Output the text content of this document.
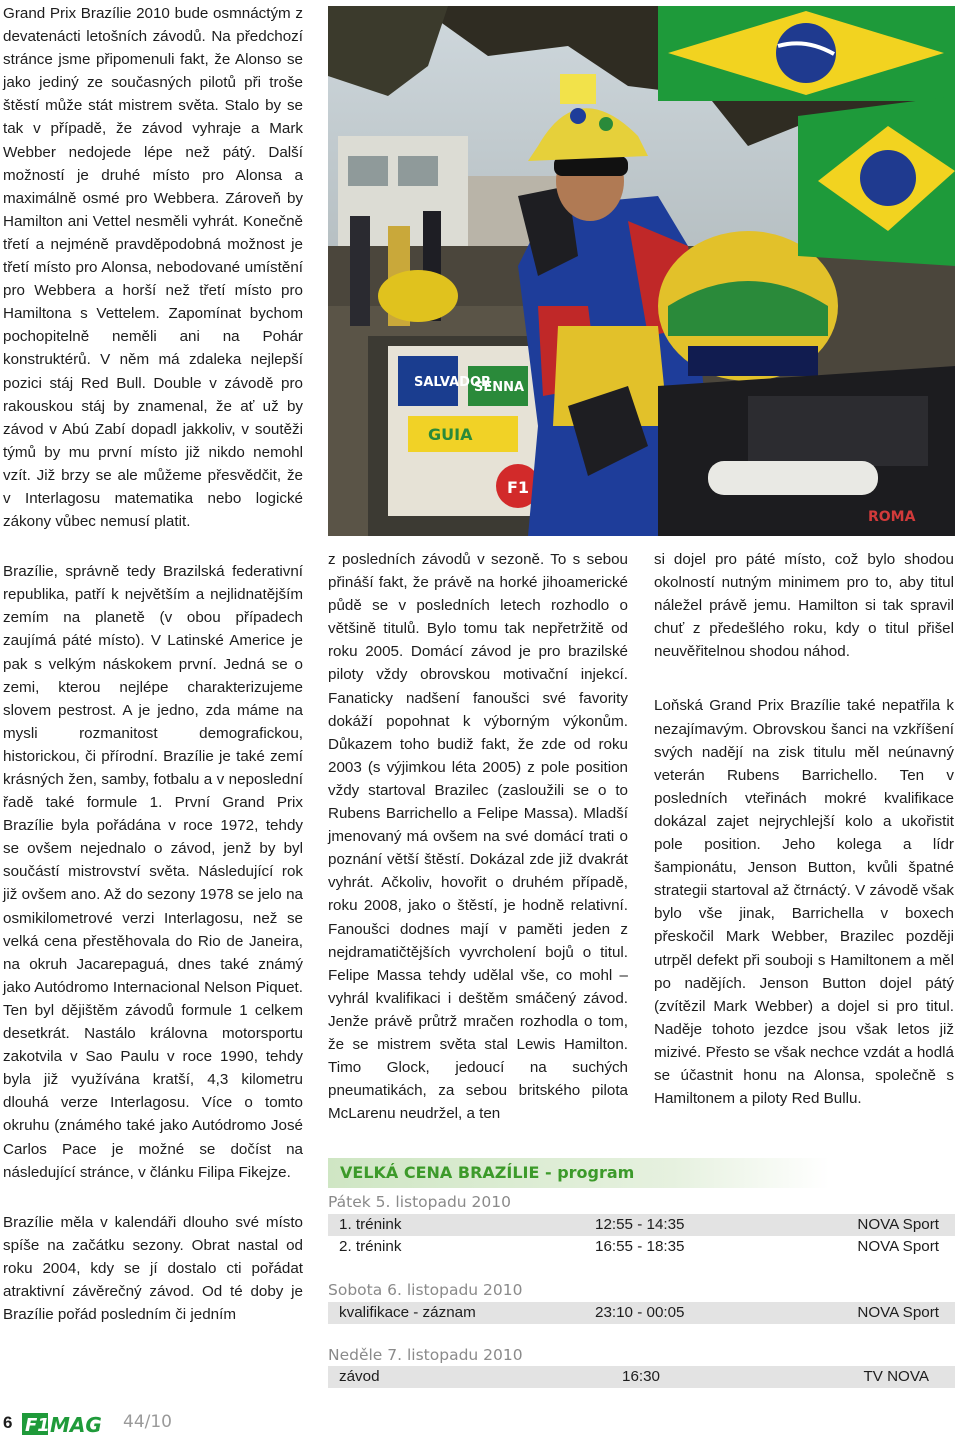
Grand Prix Brazílie 2010 bude osmnáctým z devatenácti letošních závodů. Na předchozí stránce jsme připomenuli fakt, že Alonso se jako jediný ze současných pilotů při troše štěstí může stát mistrem světa. Stalo by se tak v případě, že závod vyhraje a Mark Webber nedojede lépe než pátý. Další možností je druhé místo pro Alonsa a maximálně osmé pro Webbera. Zároveň by Hamilton ani Vettel nesměli vyhrát. Konečně třetí a nejméně pravděpodobná možnost je třetí místo pro Alonsa, nebodované umístění pro Webbera a horší než třetí místo pro Hamiltona s Vettelem. Zapomínat bychom pochopitelně neměli ani na Pohár konstruktérů. V něm má zdaleka nejlepší pozici stáj Red Bull. Double v závodě pro rakouskou stáj by znamenal, že ať už by závod v Abú Zabí dopadl jakkoliv, v soutěži týmů by mu první místo již nikdo nemohl vzít. Již brzy se ale můžeme přesvědčit, že v Interlagosu matematika nebo logické zákony vůbec nemusí platit.

Brazílie, správně tedy Brazilská federativní republika, patří k největším a nejlidnatějším zemím na planetě (v obou případech zaujímá páté místo). V Latinské Americe je pak s velkým náskokem první. Jedná se o zemi, kterou nejlépe charakterizujeme slovem pestrost. A je jedno, zda máme na mysli rozmanitost demografickou, historickou, či přírodní. Brazílie je také zemí krásných žen, samby, fotbalu a v neposlední řadě také formule 1. První Grand Prix Brazílie byla pořádána v roce 1972, tehdy se ovšem nejednalo o závod, jenž by byl součástí mistrovství světa. Následující rok již ovšem ano. Až do sezony 1978 se jelo na osmikilometrové verzi Interlagosu, než se velká cena přestěhovala do Rio de Janeira, na okruh Jacarepaguá, dnes také známý jako Autódromo Internacional Nelson Piquet. Ten byl dějištěm závodů formule 1 celkem desetkrát. Nastálo královna motorsportu zakotvila v Sao Paulu v roce 1990, tehdy byla již využívána kratší, 4,3 kilometru dlouhá verze Interlagosu. Více o tomto okruhu (známého také jako Autódromo José Carlos Pace je možné se dočíst na následující stránce, v článku Filipa Fikejze.

Brazílie měla v kalendáři dlouho své místo spíše na začátku sezony. Obrat nastal od roku 2004, kdy se jí dostalo cti pořádat atraktivní závěrečný závod. Od té doby je Brazílie pořád posledním či jedním

SALVADOR
SENNA
GUIA
F1
ROMA

z posledních závodů v sezoně. To s sebou přináší fakt, že právě na horké jihoamerické půdě se v posledních letech rozhodlo o většině titulů. Bylo tomu tak nepřetržitě od roku 2005. Domácí závod je pro brazilské piloty vždy obrovskou motivační injekcí. Fanaticky nadšení fanoušci své favority dokáží popohnat k výborným výkonům. Důkazem toho budiž fakt, že zde od roku 2003 (s výjimkou léta 2005) z pole position vždy startoval Brazilec (zasloužili se o to Rubens Barrichello a Felipe Massa). Mladší jmenovaný má ovšem na své domácí trati o poznání větší štěstí. Dokázal zde již dvakrát vyhrát. Ačkoliv, hovořit o druhém případě, roku 2008, jako o štěstí, je hodně relativní. Fanoušci dodnes mají v paměti jeden z nejdramatičtějších vyvrcholení bojů o titul. Felipe Massa tehdy udělal vše, co mohl – vyhrál kvalifikaci i deštěm smáčený závod. Jenže právě průtrž mračen rozhodla o tom, že se mistrem světa stal Lewis Hamilton. Timo Glock, jedoucí na suchých pneumatikách, za sebou britského pilota McLarenu neudržel, a ten

si dojel pro páté místo, což bylo shodou okolností nutným minimem pro to, aby titul náležel právě jemu. Hamilton si tak spravil chuť z předešlého roku, kdy o titul přišel neuvěřitelnou shodou náhod.

Loňská Grand Prix Brazílie také nepatřila k nezajímavým. Obrovskou šanci na vzkříšení svých nadějí na zisk titulu měl neúnavný veterán Rubens Barrichello. Ten v posledních vteřinách mokré kvalifikace dokázal zajet nejrychlejší kolo a ukořistit pole position. Jeho kolega a lídr šampionátu, Jenson Button, kvůli špatné strategii startoval až čtrnáctý. V závodě však bylo vše jinak, Barrichella v boxech přeskočil Mark Webber, Brazilec později utrpěl defekt při souboji s Hamiltonem a měl po nadějích. Jenson Button dojel pátý (zvítězil Mark Webber) a dojel si pro titul. Naděje tohoto jezdce jsou však letos již mizivé. Přesto se však nechce vzdát a hodlá se účastnit honu na Alonsa, společně s Hamiltonem a piloty Red Bullu.

VELKÁ CENA BRAZÍLIE - program
Pátek 5. listopadu 2010
1. trénink	12:55 - 14:35	NOVA Sport
2. trénink	16:55 - 18:35	NOVA Sport
Sobota 6. listopadu 2010
kvalifikace - záznam	23:10 - 00:05	NOVA Sport
Neděle 7. listopadu 2010
závod	16:30	TV NOVA
6 F1 MAG 44/10
